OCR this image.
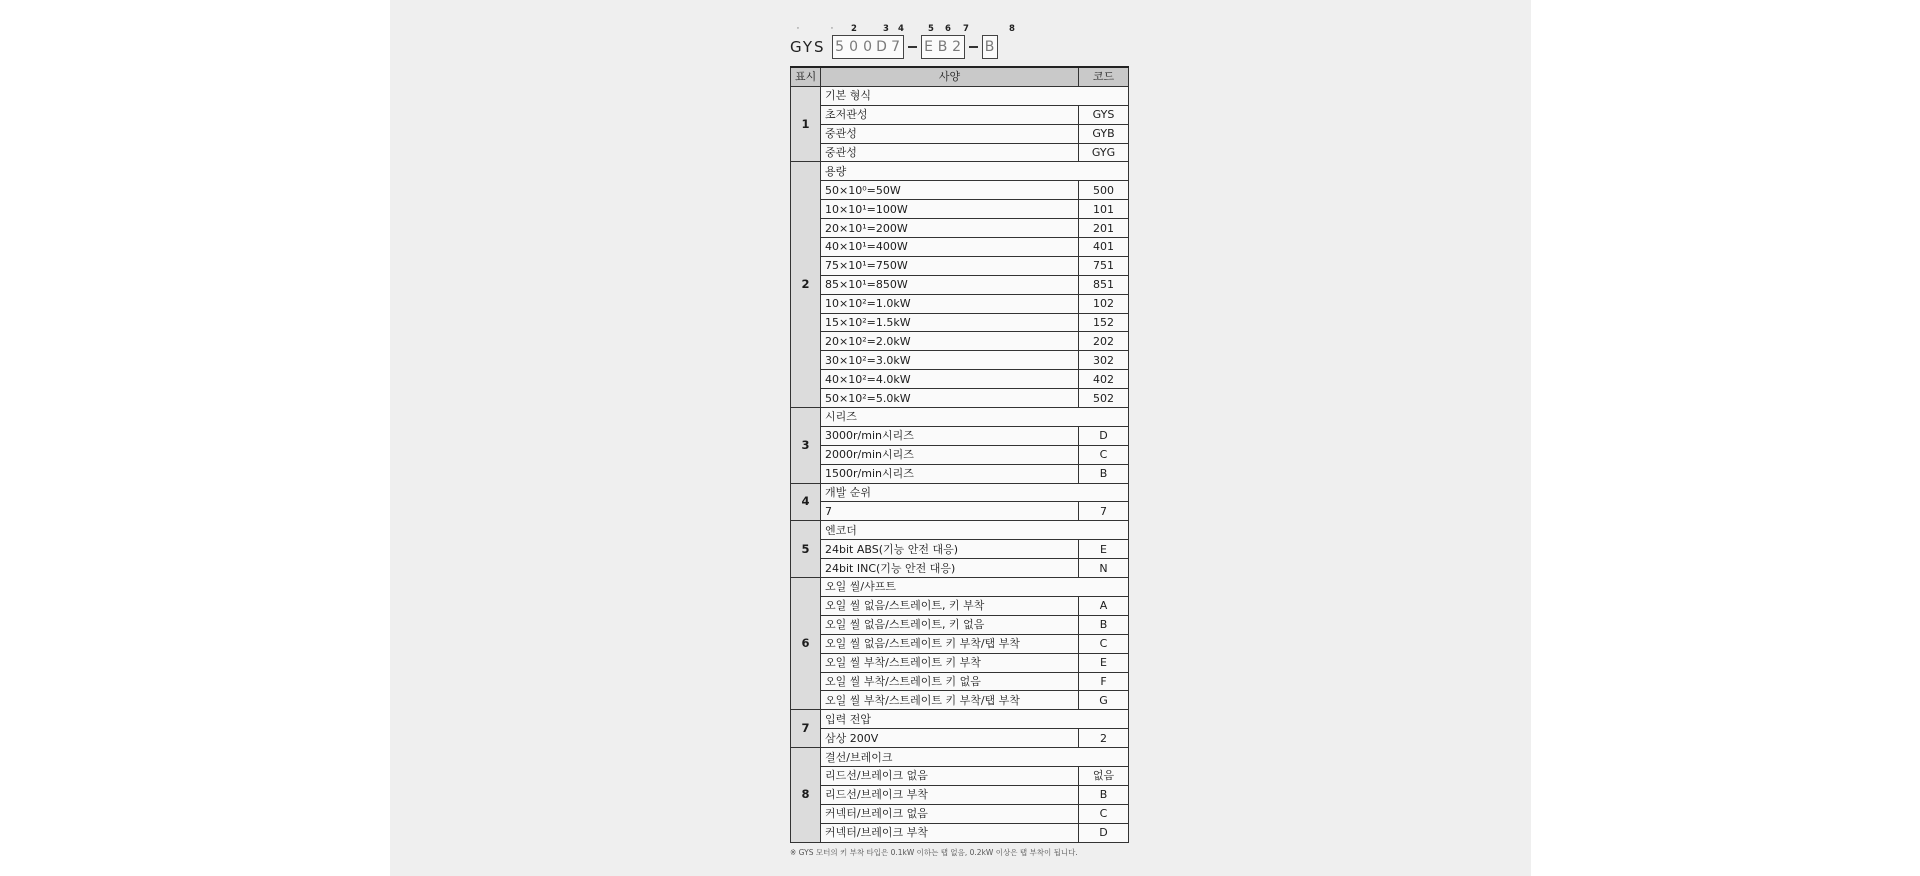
·	·	2	3	4	5	6	7	8
GYS 5 0 0 D 7 E B 2 B
표시	사양	코드
1	기본 형식	
	초저관성	GYS
	중관성	GYB
	중관성	GYG
2	용량	
	50×10⁰=50W	500
	10×10¹=100W	101
	20×10¹=200W	201
	40×10¹=400W	401
	75×10¹=750W	751
	85×10¹=850W	851
	10×10²=1.0kW	102
	15×10²=1.5kW	152
	20×10²=2.0kW	202
	30×10²=3.0kW	302
	40×10²=4.0kW	402
	50×10²=5.0kW	502
3	시리즈	
	3000r/min시리즈	D
	2000r/min시리즈	C
	1500r/min시리즈	B
4	개발 순위	
	7	7
5	엔코더	
	24bit ABS(기능 안전 대응)	E
	24bit INC(기능 안전 대응)	N
6	오일 씰/샤프트	
	오일 씰 없음/스트레이트, 키 부착	A
	오일 씰 없음/스트레이트, 키 없음	B
	오일 씰 없음/스트레이트 키 부착/탭 부착	C
	오일 씰 부착/스트레이트 키 부착	E
	오일 씰 부착/스트레이트 키 없음	F
	오일 씰 부착/스트레이트 키 부착/탭 부착	G
7	입력 전압	
	삼상 200V	2
8	결선/브레이크	
	리드선/브레이크 없음	없음
	리드선/브레이크 부착	B
	커넥터/브레이크 없음	C
	커넥터/브레이크 부착	D
※ GYS 모터의 키 부착 타입은 0.1kW 이하는 탭 없음, 0.2kW 이상은 탭 부착이 됩니다.
